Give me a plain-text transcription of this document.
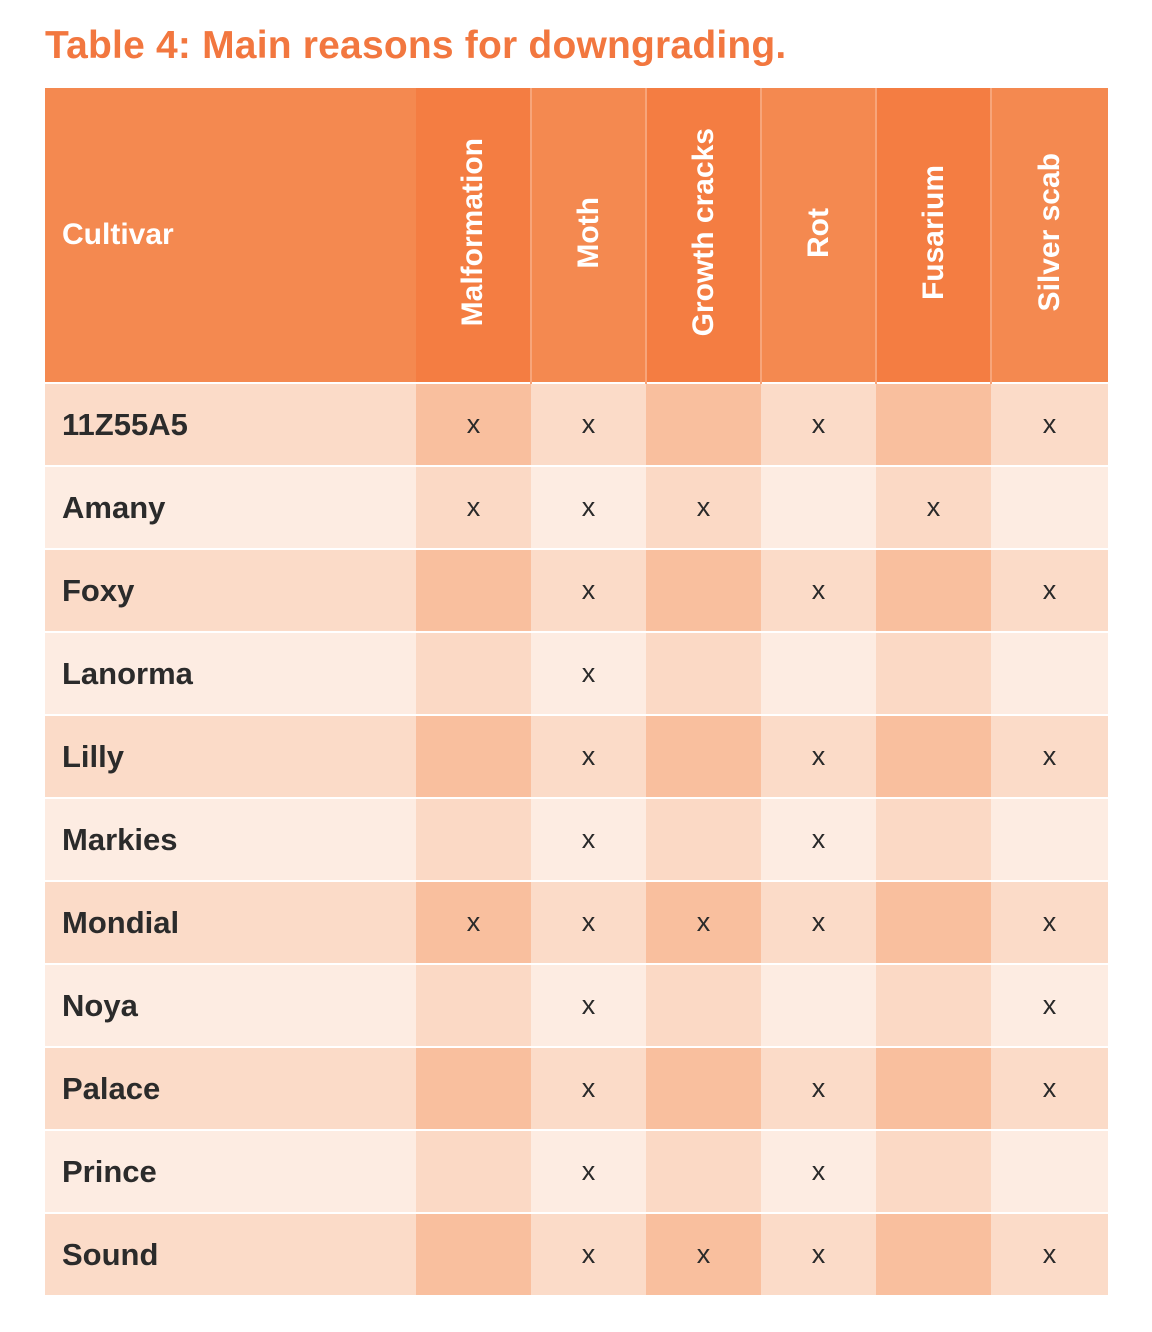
Table 4: Main reasons for downgrading.
Cultivar	Malformation	Moth	Growth cracks	Rot	Fusarium	Silver scab
11Z55A5	x	x		x		x
Amany	x	x	x		x	
Foxy		x		x		x
Lanorma		x				
Lilly		x		x		x
Markies		x		x		
Mondial	x	x	x	x		x
Noya		x				x
Palace		x		x		x
Prince		x		x		
Sound		x	x	x		x
